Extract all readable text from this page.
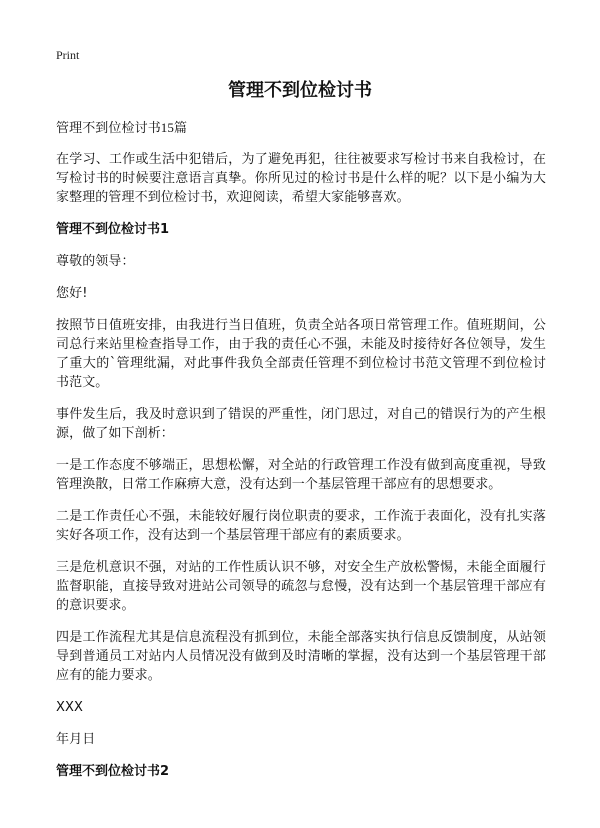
Print
管理不到位检讨书

管理不到位检讨书15篇

在学习、工作或生活中犯错后，为了避免再犯，往往被要求写检讨书来自我检讨，在写检讨书的时候要注意语言真挚。你所见过的检讨书是什么样的呢？以下是小编为大家整理的管理不到位检讨书，欢迎阅读，希望大家能够喜欢。

管理不到位检讨书1

尊敬的领导：

您好!

按照节日值班安排，由我进行当日值班，负责全站各项日常管理工作。值班期间，公司总行来站里检查指导工作，由于我的责任心不强，未能及时接待好各位领导，发生了重大的`管理纰漏，对此事件我负全部责任管理不到位检讨书范文管理不到位检讨书范文。

事件发生后，我及时意识到了错误的严重性，闭门思过，对自己的错误行为的产生根源，做了如下剖析：

一是工作态度不够端正，思想松懈，对全站的行政管理工作没有做到高度重视，导致管理涣散，日常工作麻痹大意，没有达到一个基层管理干部应有的思想要求。

二是工作责任心不强，未能较好履行岗位职责的要求，工作流于表面化，没有扎实落实好各项工作，没有达到一个基层管理干部应有的素质要求。

三是危机意识不强，对站的工作性质认识不够，对安全生产放松警惕，未能全面履行监督职能，直接导致对进站公司领导的疏忽与怠慢，没有达到一个基层管理干部应有的意识要求。

四是工作流程尤其是信息流程没有抓到位，未能全部落实执行信息反馈制度，从站领导到普通员工对站内人员情况没有做到及时清晰的掌握，没有达到一个基层管理干部应有的能力要求。

XXX

年月日

管理不到位检讨书2
